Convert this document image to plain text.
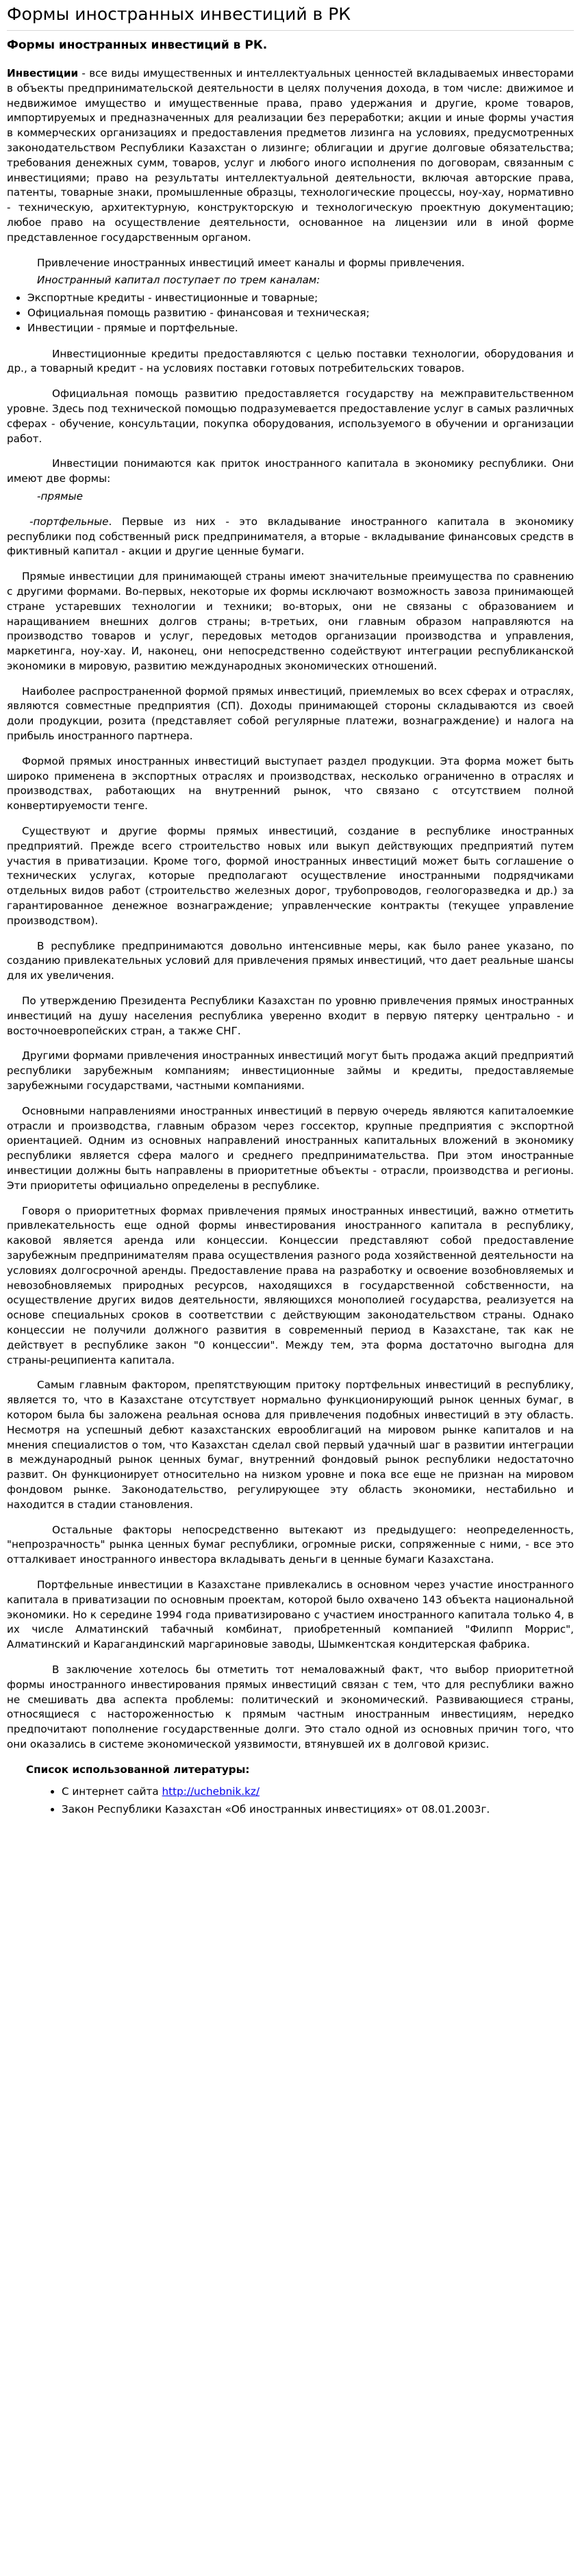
Формы иностранных инвестиций в РК
Формы иностранных инвестиций в РК.

Инвестиции - все виды имущественных и интеллектуальных ценностей вкладываемых инвесторами в объекты предпринимательской деятельности в целях получения дохода, в том числе: движимое и недвижимое имущество и имущественные права, право удержания и другие, кроме товаров, импортируемых и предназначенных для реализации без переработки; акции и иные формы участия в коммерческих организациях и предоставления предметов лизинга на условиях, предусмотренных законодательством Республики Казахстан о лизинге; облигации и другие долговые обязательства; требования денежных сумм, товаров, услуг и любого иного исполнения по договорам, связанным с инвестициями; право на результаты интеллектуальной деятельности, включая авторские права, патенты, товарные знаки, промышленные образцы, технологические процессы, ноу-хау, нормативно - техническую, архитектурную, конструкторскую и технологическую проектную документацию; любое право на осуществление деятельности, основанное на лицензии или в иной форме представленное государственным органом.

Привлечение иностранных инвестиций имеет каналы и формы привлечения.

Иностранный капитал поступает по трем каналам:

• Экспортные кредиты - инвестиционные и товарные;
• Официальная помощь развитию - финансовая и техническая;
• Инвестиции - прямые и портфельные.

Инвестиционные кредиты предоставляются с целью поставки технологии, оборудования и др., а товарный кредит - на условиях поставки готовых потребительских товаров.

Официальная помощь развитию предоставляется государству на межправительственном уровне. Здесь под технической помощью подразумевается предоставление услуг в самых различных сферах - обучение, консультации, покупка оборудования, используемого в обучении и организации работ.

Инвестиции понимаются как приток иностранного капитала в экономику республики. Они имеют две формы:

-прямые

-портфельные. Первые из них - это вкладывание иностранного капитала в экономику республики под собственный риск предпринимателя, а вторые - вкладывание финансовых средств в фиктивный капитал - акции и другие ценные бумаги.

Прямые инвестиции для принимающей страны имеют значительные преимущества по сравнению с другими формами. Во-первых, некоторые их формы исключают возможность завоза принимающей стране устаревших технологии и техники; во-вторых, они не связаны с образованием и наращиванием внешних долгов страны; в-третьих, они главным образом направляются на производство товаров и услуг, передовых методов организации производства и управления, маркетинга, ноу-хау. И, наконец, они непосредственно содействуют интеграции республиканской экономики в мировую, развитию международных экономических отношений.

Наиболее распространенной формой прямых инвестиций, приемлемых во всех сферах и отраслях, являются совместные предприятия (СП). Доходы принимающей стороны складываются из своей доли продукции, розита (представляет собой регулярные платежи, вознаграждение) и налога на прибыль иностранного партнера.

Формой прямых иностранных инвестиций выступает раздел продукции. Эта форма может быть широко применена в экспортных отраслях и производствах, несколько ограниченно в отраслях и производствах, работающих на внутренний рынок, что связано с отсутствием полной конвертируемости тенге.

Существуют и другие формы прямых инвестиций, создание в республике иностранных предприятий. Прежде всего строительство новых или выкуп действующих предприятий путем участия в приватизации. Кроме того, формой иностранных инвестиций может быть соглашение о технических услугах, которые предполагают осуществление иностранными подрядчиками отдельных видов работ (строительство железных дорог, трубопроводов, геологоразведка и др.) за гарантированное денежное вознаграждение; управленческие контракты (текущее управление производством).

В республике предпринимаются довольно интенсивные меры, как было ранее указано, по созданию привлекательных условий для привлечения прямых инвестиций, что дает реальные шансы для их увеличения.

По утверждению Президента Республики Казахстан по уровню привлечения прямых иностранных инвестиций на душу населения республика уверенно входит в первую пятерку центрально - и восточноевропейских стран, а также СНГ.

Другими формами привлечения иностранных инвестиций могут быть продажа акций предприятий республики зарубежным компаниям; инвестиционные займы и кредиты, предоставляемые зарубежными государствами, частными компаниями.

Основными направлениями иностранных инвестиций в первую очередь являются капиталоемкие отрасли и производства, главным образом через госсектор, крупные предприятия с экспортной ориентацией. Одним из основных направлений иностранных капитальных вложений в экономику республики является сфера малого и среднего предпринимательства. При этом иностранные инвестиции должны быть направлены в приоритетные объекты - отрасли, производства и регионы. Эти приоритеты официально определены в республике.

Говоря о приоритетных формах привлечения прямых иностранных инвестиций, важно отметить привлекательность еще одной формы инвестирования иностранного капитала в республику, каковой является аренда или концессии. Концессии представляют собой предоставление зарубежным предпринимателям права осуществления разного рода хозяйственной деятельности на условиях долгосрочной аренды. Предоставление права на разработку и освоение возобновляемых и невозобновляемых природных ресурсов, находящихся в государственной собственности, на осуществление других видов деятельности, являющихся монополией государства, реализуется на основе специальных сроков в соответствии с действующим законодательством страны. Однако концессии не получили должного развития в современный период в Казахстане, так как не действует в республике закон "0 концессии". Между тем, эта форма достаточно выгодна для страны-реципиента капитала.

Самым главным фактором, препятствующим притоку портфельных инвестиций в республику, является то, что в Казахстане отсутствует нормально функционирующий рынок ценных бумаг, в котором была бы заложена реальная основа для привлечения подобных инвестиций в эту область. Несмотря на успешный дебют казахстанских еврооблигаций на мировом рынке капиталов и на мнения специалистов о том, что Казахстан сделал свой первый удачный шаг в развитии интеграции в международный рынок ценных бумаг, внутренний фондовый рынок республики недостаточно развит. Он функционирует относительно на низком уровне и пока все еще не признан на мировом фондовом рынке. Законодательство, регулирующее эту область экономики, нестабильно и находится в стадии становления.

Остальные факторы непосредственно вытекают из предыдущего: неопределенность, "непрозрачность" рынка ценных бумаг республики, огромные риски, сопряженные с ними, - все это отталкивает иностранного инвестора вкладывать деньги в ценные бумаги Казахстана.

Портфельные инвестиции в Казахстане привлекались в основном через участие иностранного капитала в приватизации по основным проектам, которой было охвачено 143 объекта национальной экономики. Но к середине 1994 года приватизировано с участием иностранного капитала только 4, в их числе Алматинский табачный комбинат, приобретенный компанией "Филипп Моррис", Алматинский и Карагандинский маргариновые заводы, Шымкентская кондитерская фабрика.

В заключение хотелось бы отметить тот немаловажный факт, что выбор приоритетной формы иностранного инвестирования прямых инвестиций связан с тем, что для республики важно не смешивать два аспекта проблемы: политический и экономический. Развивающиеся страны, относящиеся с настороженностью к прямым частным иностранным инвестициям, нередко предпочитают пополнение государственные долги. Это стало одной из основных причин того, что они оказались в системе экономической уязвимости, втянувшей их в долговой кризис.

Список использованной литературы:
• С интернет сайта http://uchebnik.kz/
• Закон Республики Казахстан «Об иностранных инвестициях» от 08.01.2003г.
